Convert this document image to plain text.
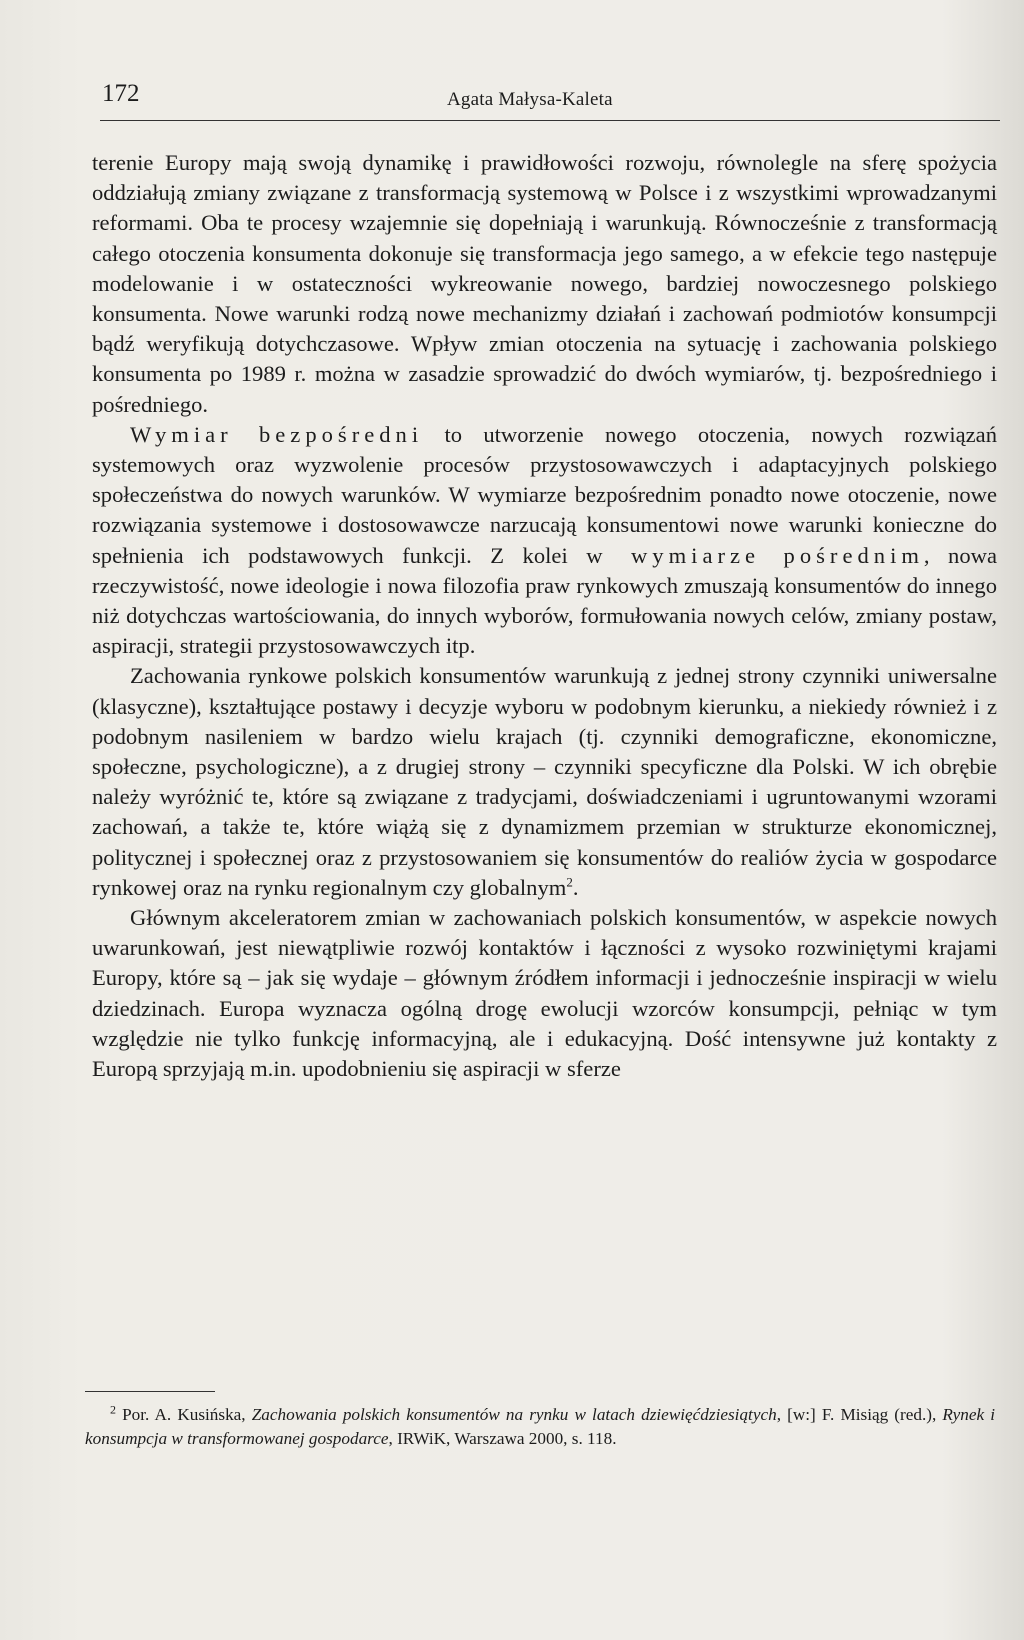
172	Agata Małysa-Kaleta

terenie Europy mają swoją dynamikę i prawidłowości rozwoju, równolegle na sferę spożycia oddziałują zmiany związane z transformacją systemową w Polsce i z wszystkimi wprowadzanymi reformami. Oba te procesy wzajemnie się dopełniają i warunkują. Równocześnie z transformacją całego otoczenia konsumenta dokonuje się transformacja jego samego, a w efekcie tego następuje modelowanie i w ostateczności wykreowanie nowego, bardziej nowoczesnego polskiego konsumenta. Nowe warunki rodzą nowe mechanizmy działań i zachowań podmiotów konsumpcji bądź weryfikują dotychczasowe. Wpływ zmian otoczenia na sytuację i zachowania polskiego konsumenta po 1989 r. można w zasadzie sprowadzić do dwóch wymiarów, tj. bezpośredniego i pośredniego.

Wymiar bezpośredni to utworzenie nowego otoczenia, nowych rozwiązań systemowych oraz wyzwolenie procesów przystosowawczych i adaptacyjnych polskiego społeczeństwa do nowych warunków. W wymiarze bezpośrednim ponadto nowe otoczenie, nowe rozwiązania systemowe i dostosowawcze narzucają konsumentowi nowe warunki konieczne do spełnienia ich podstawowych funkcji. Z kolei w wymiarze pośrednim, nowa rzeczywistość, nowe ideologie i nowa filozofia praw rynkowych zmuszają konsumentów do innego niż dotychczas wartościowania, do innych wyborów, formułowania nowych celów, zmiany postaw, aspiracji, strategii przystosowawczych itp.

Zachowania rynkowe polskich konsumentów warunkują z jednej strony czynniki uniwersalne (klasyczne), kształtujące postawy i decyzje wyboru w podobnym kierunku, a niekiedy również i z podobnym nasileniem w bardzo wielu krajach (tj. czynniki demograficzne, ekonomiczne, społeczne, psychologiczne), a z drugiej strony – czynniki specyficzne dla Polski. W ich obrębie należy wyróżnić te, które są związane z tradycjami, doświadczeniami i ugruntowanymi wzorami zachowań, a także te, które wiążą się z dynamizmem przemian w strukturze ekonomicznej, politycznej i społecznej oraz z przystosowaniem się konsumentów do realiów życia w gospodarce rynkowej oraz na rynku regionalnym czy globalnym$^2$.

Głównym akceleratorem zmian w zachowaniach polskich konsumentów, w aspekcie nowych uwarunkowań, jest niewątpliwie rozwój kontaktów i łączności z wysoko rozwiniętymi krajami Europy, które są – jak się wydaje – głównym źródłem informacji i jednocześnie inspiracji w wielu dziedzinach. Europa wyznacza ogólną drogę ewolucji wzorców konsumpcji, pełniąc w tym względzie nie tylko funkcję informacyjną, ale i edukacyjną. Dość intensywne już kontakty z Europą sprzyjają m.in. upodobnieniu się aspiracji w sferze

$^2$ Por. A. Kusińska, Zachowania polskich konsumentów na rynku w latach dziewięćdziesiątych, [w:] F. Misiąg (red.), Rynek i konsumpcja w transformowanej gospodarce, IRWiK, Warszawa 2000, s. 118.
